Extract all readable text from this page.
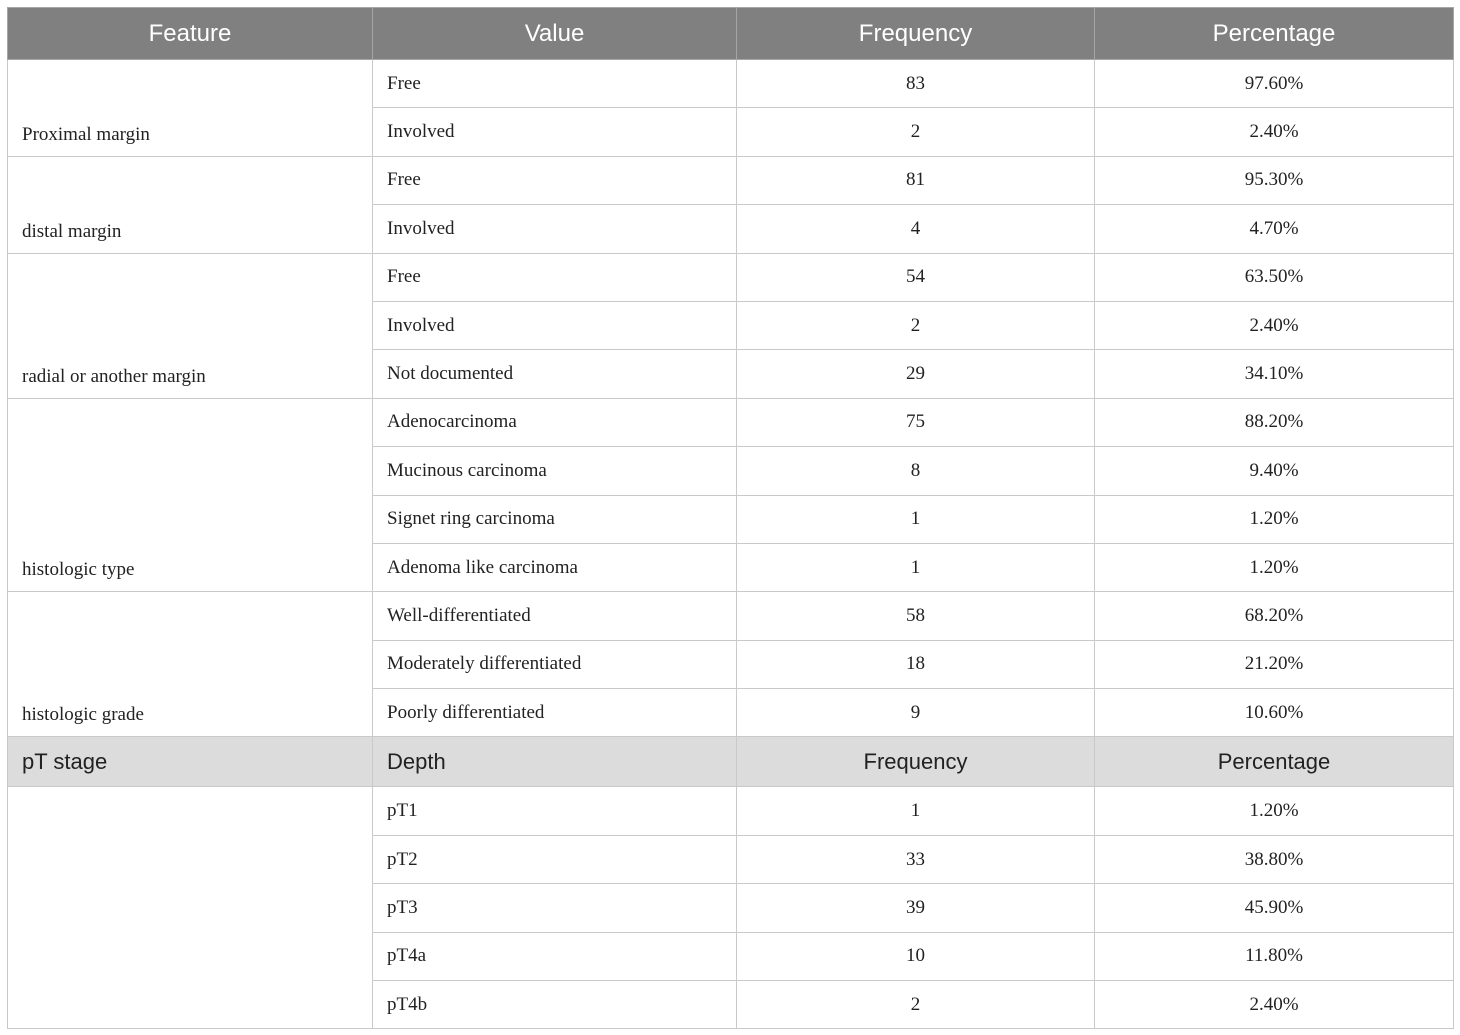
Feature	Value	Frequency	Percentage
Proximal margin	Free	83	97.60%
	Involved	2	2.40%
distal margin	Free	81	95.30%
	Involved	4	4.70%
radial or another margin	Free	54	63.50%
	Involved	2	2.40%
	Not documented	29	34.10%
histologic type	Adenocarcinoma	75	88.20%
	Mucinous carcinoma	8	9.40%
	Signet ring carcinoma	1	1.20%
	Adenoma like carcinoma	1	1.20%
histologic grade	Well-differentiated	58	68.20%
	Moderately differentiated	18	21.20%
	Poorly differentiated	9	10.60%
pT stage	Depth	Frequency	Percentage
	pT1	1	1.20%
	pT2	33	38.80%
	pT3	39	45.90%
	pT4a	10	11.80%
	pT4b	2	2.40%
